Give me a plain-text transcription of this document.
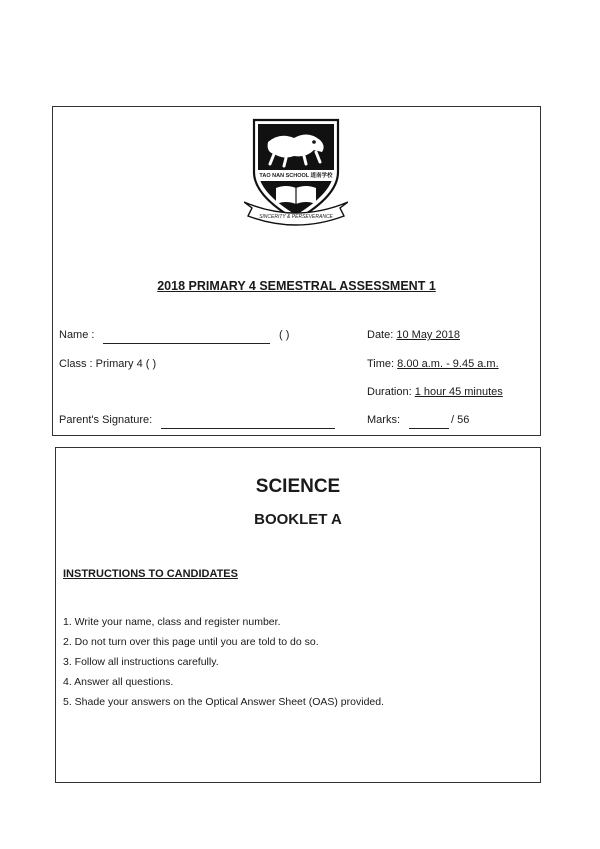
2018 PRIMARY 4 SEMESTRAL ASSESSMENT 1
Name :	( )
Class : Primary 4 ( )
Parent's Signature:
Date: 10 May 2018
Time: 8.00 a.m. - 9.45 a.m.
Duration: 1 hour 45 minutes
Marks:	/ 56
TAO NAN SCHOOL 道南学校
SINCERITY & PERSEVERANCE
SCIENCE
BOOKLET A
INSTRUCTIONS TO CANDIDATES
1. Write your name, class and register number.
2. Do not turn over this page until you are told to do so.
3. Follow all instructions carefully.
4. Answer all questions.
5. Shade your answers on the Optical Answer Sheet (OAS) provided.
